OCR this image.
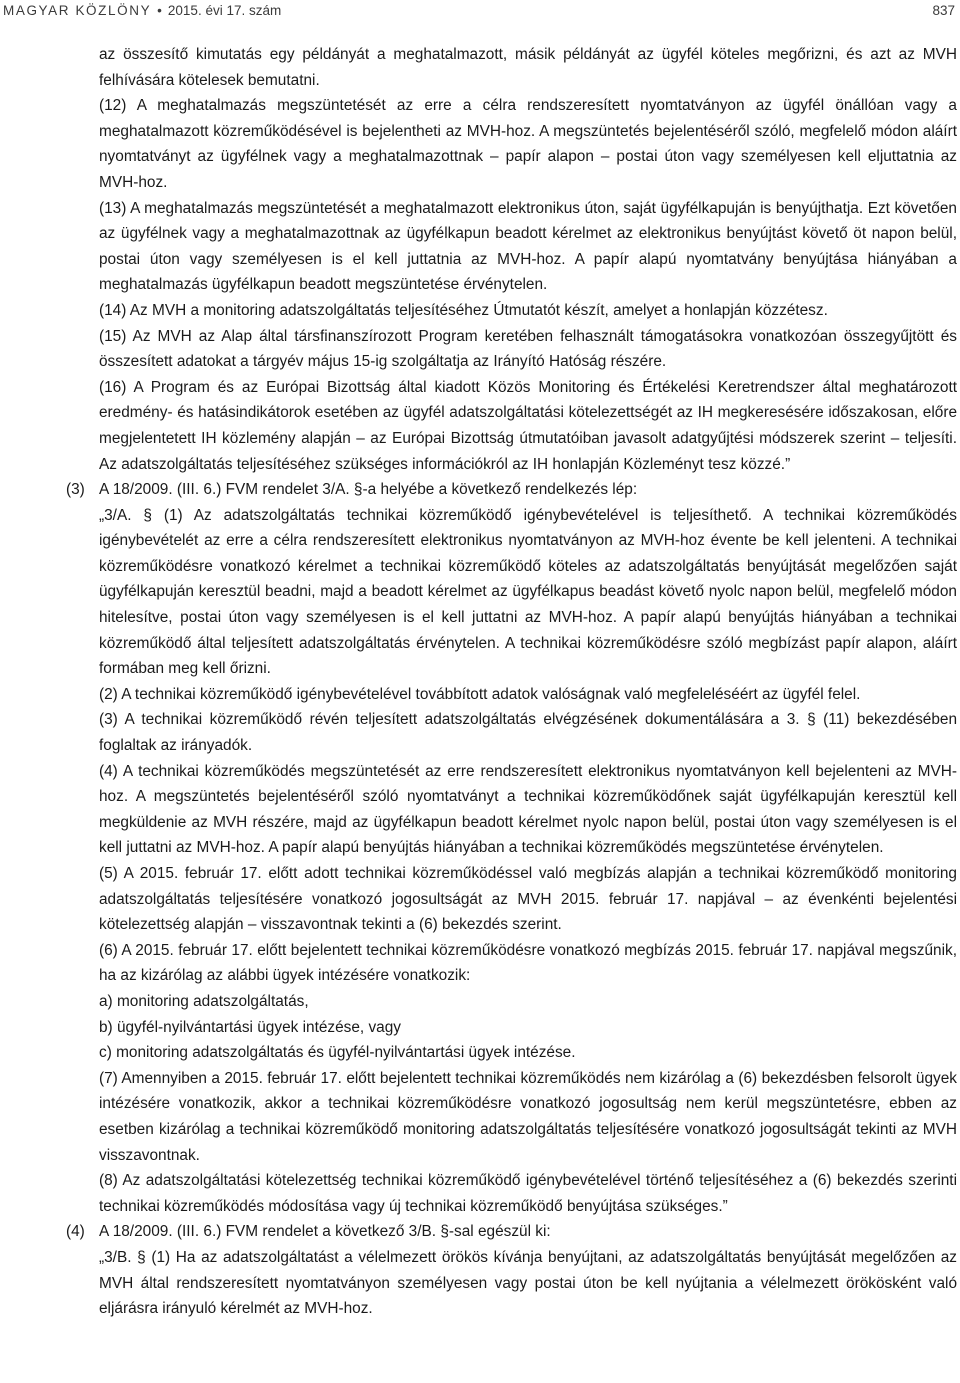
MAGYAR KÖZLÖNY • 2015. évi 17. szám	837

az összesítő kimutatás egy példányát a meghatalmazott, másik példányát az ügyfél köteles megőrizni, és azt az MVH felhívására kötelesek bemutatni.

(12) A meghatalmazás megszüntetését az erre a célra rendszeresített nyomtatványon az ügyfél önállóan vagy a meghatalmazott közreműködésével is bejelentheti az MVH-hoz. A megszüntetés bejelentéséről szóló, megfelelő módon aláírt nyomtatványt az ügyfélnek vagy a meghatalmazottnak – papír alapon – postai úton vagy személyesen kell eljuttatnia az MVH-hoz.

(13) A meghatalmazás megszüntetését a meghatalmazott elektronikus úton, saját ügyfélkapuján is benyújthatja. Ezt követően az ügyfélnek vagy a meghatalmazottnak az ügyfélkapun beadott kérelmet az elektronikus benyújtást követő öt napon belül, postai úton vagy személyesen is el kell juttatnia az MVH-hoz. A papír alapú nyomtatvány benyújtása hiányában a meghatalmazás ügyfélkapun beadott megszüntetése érvénytelen.

(14) Az MVH a monitoring adatszolgáltatás teljesítéséhez Útmutatót készít, amelyet a honlapján közzétesz.

(15) Az MVH az Alap által társfinanszírozott Program keretében felhasznált támogatásokra vonatkozóan összegyűjtött és összesített adatokat a tárgyév május 15-ig szolgáltatja az Irányító Hatóság részére.

(16) A Program és az Európai Bizottság által kiadott Közös Monitoring és Értékelési Keretrendszer által meghatározott eredmény- és hatásindikátorok esetében az ügyfél adatszolgáltatási kötelezettségét az IH megkeresésére időszakosan, előre megjelentetett IH közlemény alapján – az Európai Bizottság útmutatóiban javasolt adatgyűjtési módszerek szerint – teljesíti. Az adatszolgáltatás teljesítéséhez szükséges információkról az IH honlapján Közleményt tesz közzé.”

(3) A 18/2009. (III. 6.) FVM rendelet 3/A. §-a helyébe a következő rendelkezés lép:

„3/A. § (1) Az adatszolgáltatás technikai közreműködő igénybevételével is teljesíthető. A technikai közreműködés igénybevételét az erre a célra rendszeresített elektronikus nyomtatványon az MVH-hoz évente be kell jelenteni. A technikai közreműködésre vonatkozó kérelmet a technikai közreműködő köteles az adatszolgáltatás benyújtását megelőzően saját ügyfélkapuján keresztül beadni, majd a beadott kérelmet az ügyfélkapus beadást követő nyolc napon belül, megfelelő módon hitelesítve, postai úton vagy személyesen is el kell juttatni az MVH-hoz. A papír alapú benyújtás hiányában a technikai közreműködő által teljesített adatszolgáltatás érvénytelen. A technikai közreműködésre szóló megbízást papír alapon, aláírt formában meg kell őrizni.

(2) A technikai közreműködő igénybevételével továbbított adatok valóságnak való megfeleléséért az ügyfél felel.

(3) A technikai közreműködő révén teljesített adatszolgáltatás elvégzésének dokumentálására a 3. § (11) bekezdésében foglaltak az irányadók.

(4) A technikai közreműködés megszüntetését az erre rendszeresített elektronikus nyomtatványon kell bejelenteni az MVH-hoz. A megszüntetés bejelentéséről szóló nyomtatványt a technikai közreműködőnek saját ügyfélkapuján keresztül kell megküldenie az MVH részére, majd az ügyfélkapun beadott kérelmet nyolc napon belül, postai úton vagy személyesen is el kell juttatni az MVH-hoz. A papír alapú benyújtás hiányában a technikai közreműködés megszüntetése érvénytelen.

(5) A 2015. február 17. előtt adott technikai közreműködéssel való megbízás alapján a technikai közreműködő monitoring adatszolgáltatás teljesítésére vonatkozó jogosultságát az MVH 2015. február 17. napjával – az évenkénti bejelentési kötelezettség alapján – visszavontnak tekinti a (6) bekezdés szerint.

(6) A 2015. február 17. előtt bejelentett technikai közreműködésre vonatkozó megbízás 2015. február 17. napjával megszűnik, ha az kizárólag az alábbi ügyek intézésére vonatkozik:

a) monitoring adatszolgáltatás,

b) ügyfél-nyilvántartási ügyek intézése, vagy

c) monitoring adatszolgáltatás és ügyfél-nyilvántartási ügyek intézése.

(7) Amennyiben a 2015. február 17. előtt bejelentett technikai közreműködés nem kizárólag a (6) bekezdésben felsorolt ügyek intézésére vonatkozik, akkor a technikai közreműködésre vonatkozó jogosultság nem kerül megszüntetésre, ebben az esetben kizárólag a technikai közreműködő monitoring adatszolgáltatás teljesítésére vonatkozó jogosultságát tekinti az MVH visszavontnak.

(8) Az adatszolgáltatási kötelezettség technikai közreműködő igénybevételével történő teljesítéséhez a (6) bekezdés szerinti technikai közreműködés módosítása vagy új technikai közreműködő benyújtása szükséges.”

(4) A 18/2009. (III. 6.) FVM rendelet a következő 3/B. §-sal egészül ki:

„3/B. § (1) Ha az adatszolgáltatást a vélelmezett örökös kívánja benyújtani, az adatszolgáltatás benyújtását megelőzően az MVH által rendszeresített nyomtatványon személyesen vagy postai úton be kell nyújtania a vélelmezett örökösként való eljárásra irányuló kérelmét az MVH-hoz.
